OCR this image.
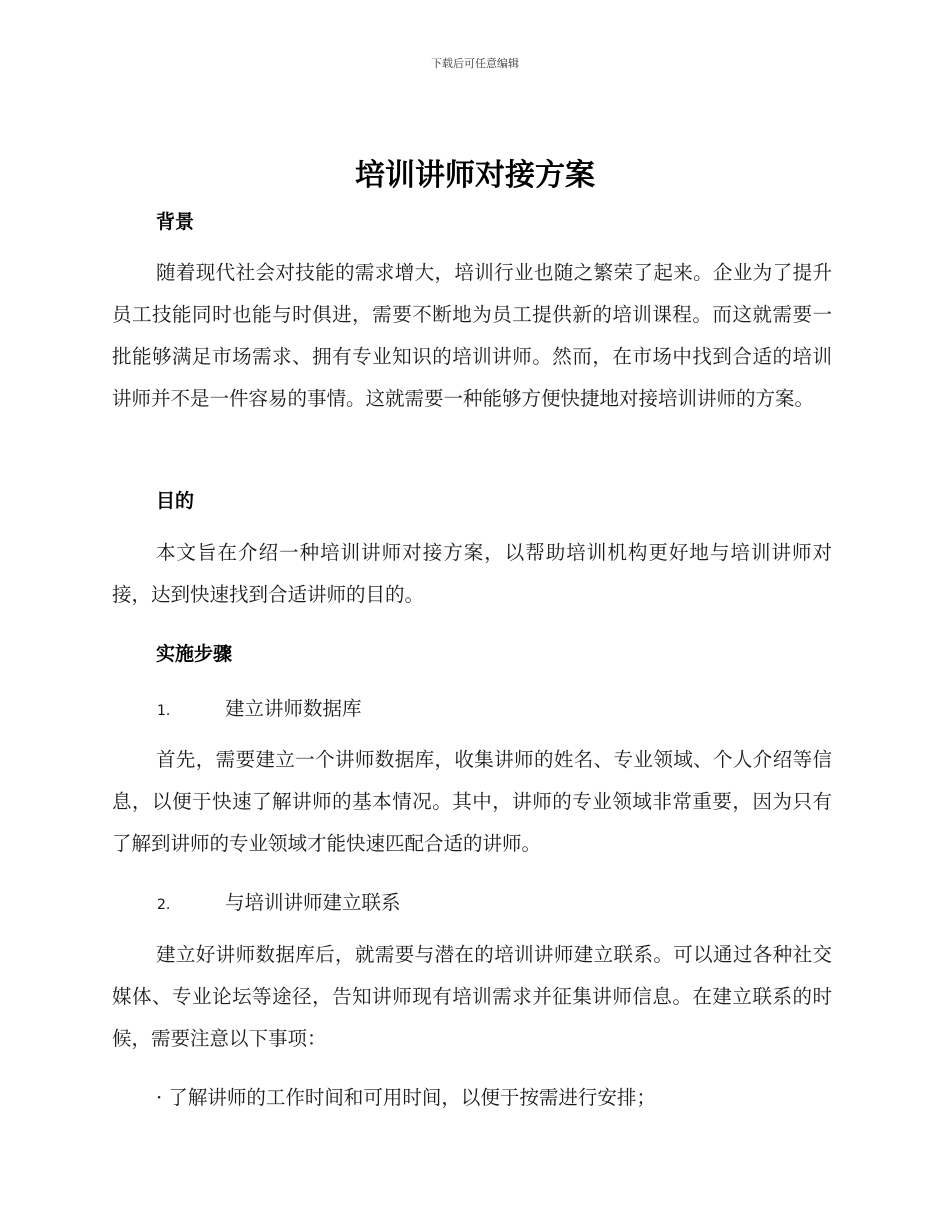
下载后可任意编辑
培训讲师对接方案
背景
随着现代社会对技能的需求增大，培训行业也随之繁荣了起来。企业为了提升员工技能同时也能与时俱进，需要不断地为员工提供新的培训课程。而这就需要一批能够满足市场需求、拥有专业知识的培训讲师。然而，在市场中找到合适的培训讲师并不是一件容易的事情。这就需要一种能够方便快捷地对接培训讲师的方案。
目的
本文旨在介绍一种培训讲师对接方案，以帮助培训机构更好地与培训讲师对接，达到快速找到合适讲师的目的。
实施步骤
1.	建立讲师数据库
首先，需要建立一个讲师数据库，收集讲师的姓名、专业领域、个人介绍等信息，以便于快速了解讲师的基本情况。其中，讲师的专业领域非常重要，因为只有了解到讲师的专业领域才能快速匹配合适的讲师。
2.	与培训讲师建立联系
建立好讲师数据库后，就需要与潜在的培训讲师建立联系。可以通过各种社交媒体、专业论坛等途径，告知讲师现有培训需求并征集讲师信息。在建立联系的时候，需要注意以下事项：
· 了解讲师的工作时间和可用时间，以便于按需进行安排；
